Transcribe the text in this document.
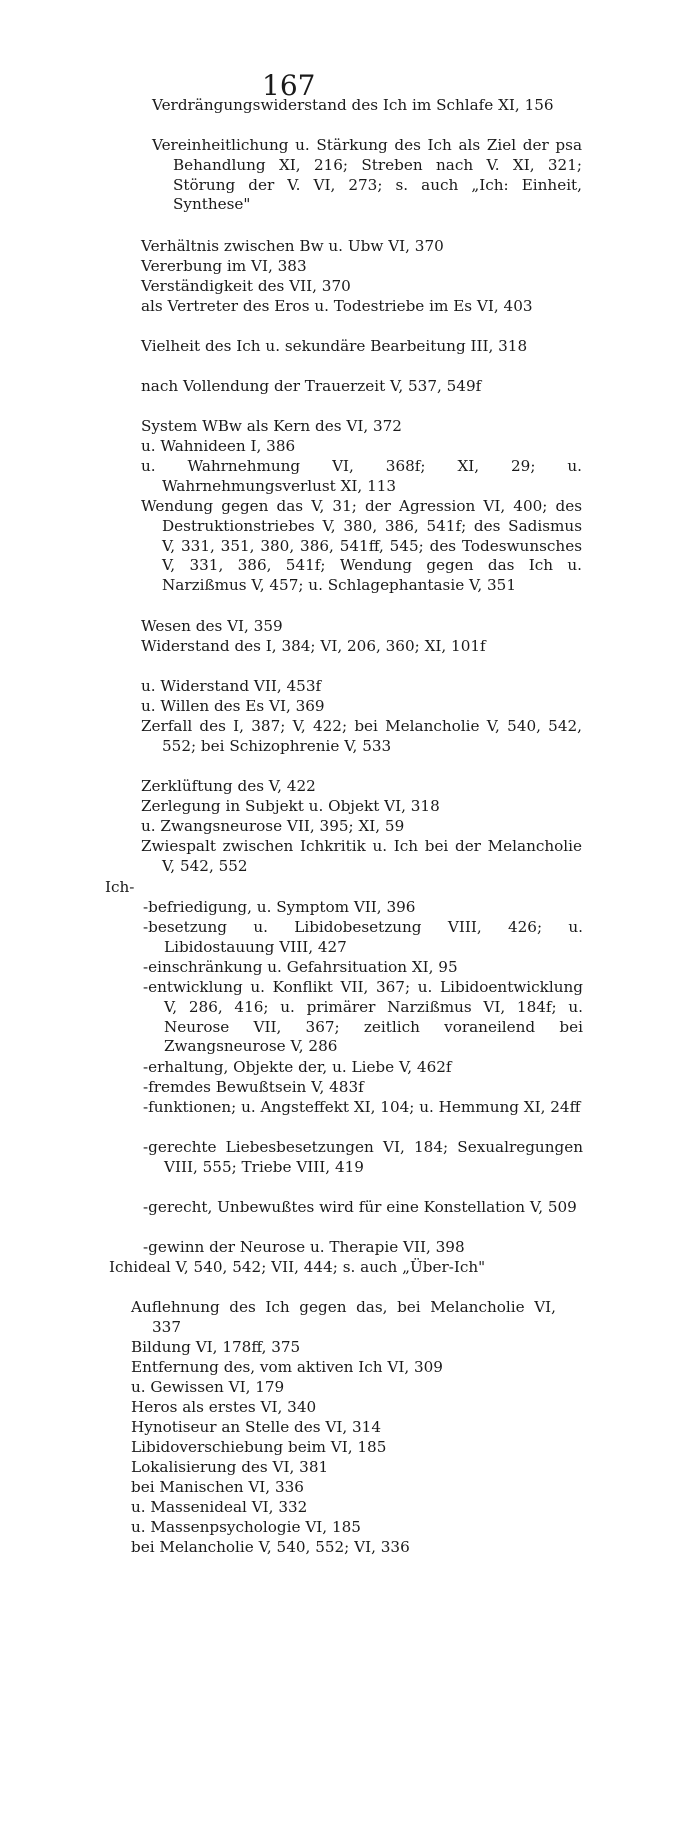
167
Verdrängungswiderstand des Ich im Schlafe XI, 156
Vereinheitlichung u. Stärkung des Ich als Ziel der psa Behandlung XI, 216; Streben nach V. XI, 321; Störung der V. VI, 273; s. auch „Ich: Einheit, Synthese"
Verhältnis zwischen Bw u. Ubw VI, 370
Vererbung im VI, 383
Verständigkeit des VII, 370
als Vertreter des Eros u. Todestriebe im Es VI, 403
Vielheit des Ich u. sekundäre Bearbeitung III, 318
nach Vollendung der Trauerzeit V, 537, 549f
System WBw als Kern des VI, 372
u. Wahnideen I, 386
u. Wahrnehmung VI, 368f; XI, 29; u. Wahrnehmungsverlust XI, 113
Wendung gegen das V, 31; der Agression VI, 400; des Destruktionstriebes V, 380, 386, 541f; des Sadismus V, 331, 351, 380, 386, 541ff, 545; des Todeswunsches V, 331, 386, 541f; Wendung gegen das Ich u. Narzißmus V, 457; u. Schlagephantasie V, 351
Wesen des VI, 359
Widerstand des I, 384; VI, 206, 360; XI, 101f
u. Widerstand VII, 453f
u. Willen des Es VI, 369
Zerfall des I, 387; V, 422; bei Melancholie V, 540, 542, 552; bei Schizophrenie V, 533
Zerklüftung des V, 422
Zerlegung in Subjekt u. Objekt VI, 318
u. Zwangsneurose VII, 395; XI, 59
Zwiespalt zwischen Ichkritik u. Ich bei der Melancholie V, 542, 552
Ich-
-befriedigung, u. Symptom VII, 396
-besetzung u. Libidobesetzung VIII, 426; u. Libidostauung VIII, 427
-einschränkung u. Gefahrsituation XI, 95
-entwicklung u. Konflikt VII, 367; u. Libidoentwicklung V, 286, 416; u. primärer Narzißmus VI, 184f; u. Neurose VII, 367; zeitlich voraneilend bei Zwangsneurose V, 286
-erhaltung, Objekte der, u. Liebe V, 462f
-fremdes Bewußtsein V, 483f
-funktionen; u. Angsteffekt XI, 104; u. Hemmung XI, 24ff
-gerechte Liebesbesetzungen VI, 184; Sexualregungen VIII, 555; Triebe VIII, 419
-gerecht, Unbewußtes wird für eine Konstellation V, 509
-gewinn der Neurose u. Therapie VII, 398
Ichideal V, 540, 542; VII, 444; s. auch „Über-Ich"
Auflehnung des Ich gegen das, bei Melancholie VI, 337
Bildung VI, 178ff, 375
Entfernung des, vom aktiven Ich VI, 309
u. Gewissen VI, 179
Heros als erstes VI, 340
Hynotiseur an Stelle des VI, 314
Libidoverschiebung beim VI, 185
Lokalisierung des VI, 381
bei Manischen VI, 336
u. Massenideal VI, 332
u. Massenpsychologie VI, 185
bei Melancholie V, 540, 552; VI, 336
